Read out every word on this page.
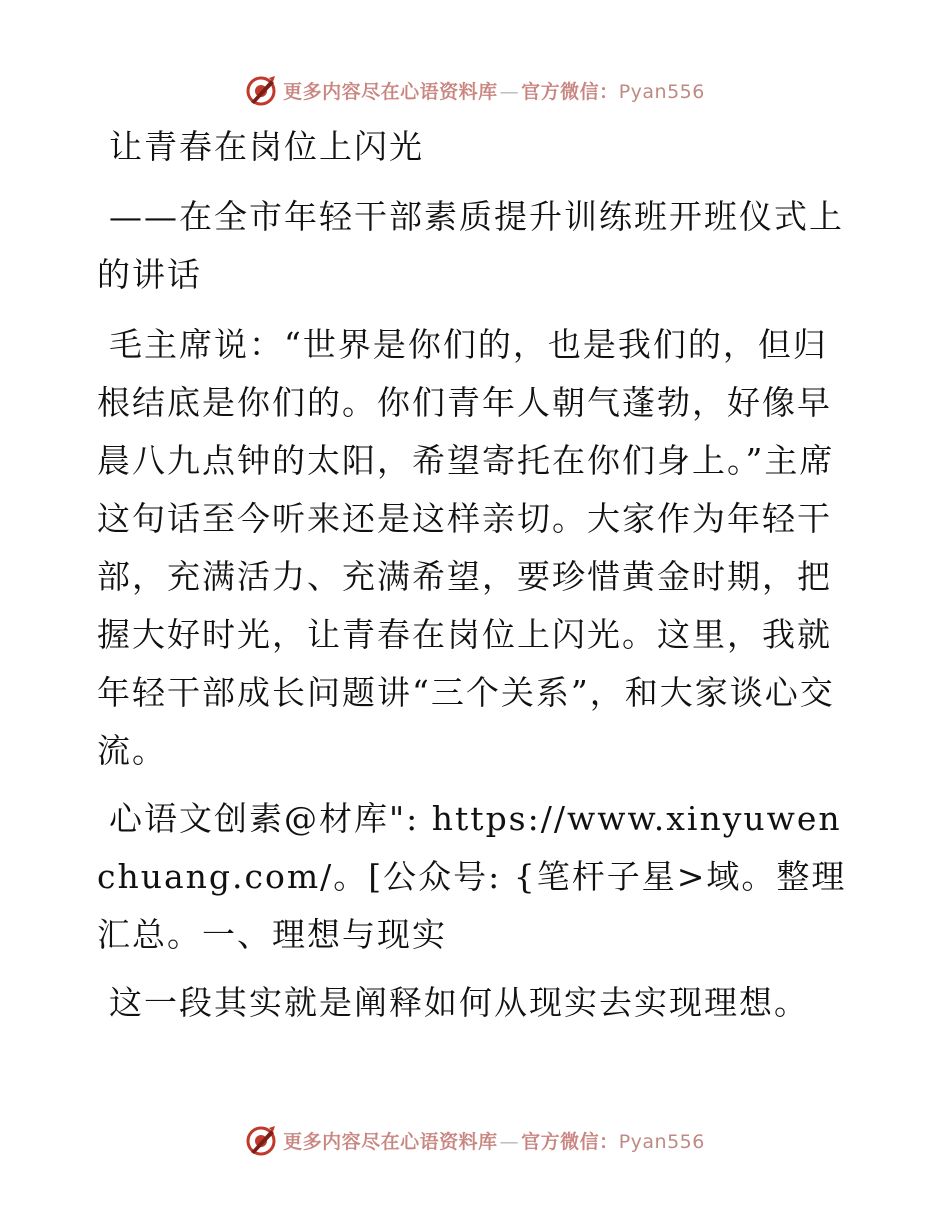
更多内容尽在心语资料库 — 官方微信：Pyan556

让青春在岗位上闪光

——在全市年轻干部素质提升训练班开班仪式上的讲话

毛主席说：“世界是你们的，也是我们的，但归根结底是你们的。你们青年人朝气蓬勃，好像早晨八九点钟的太阳，希望寄托在你们身上。”主席这句话至今听来还是这样亲切。大家作为年轻干部，充满活力、充满希望，要珍惜黄金时期，把握大好时光，让青春在岗位上闪光。这里，我就年轻干部成长问题讲“三个关系”，和大家谈心交流。

心语文创素@材库": https://www.xinyuwenchuang.com/。[公众号: {笔杆子星>域。整理汇总。一、理想与现实

这一段其实就是阐释如何从现实去实现理想。

更多内容尽在心语资料库 — 官方微信：Pyan556
